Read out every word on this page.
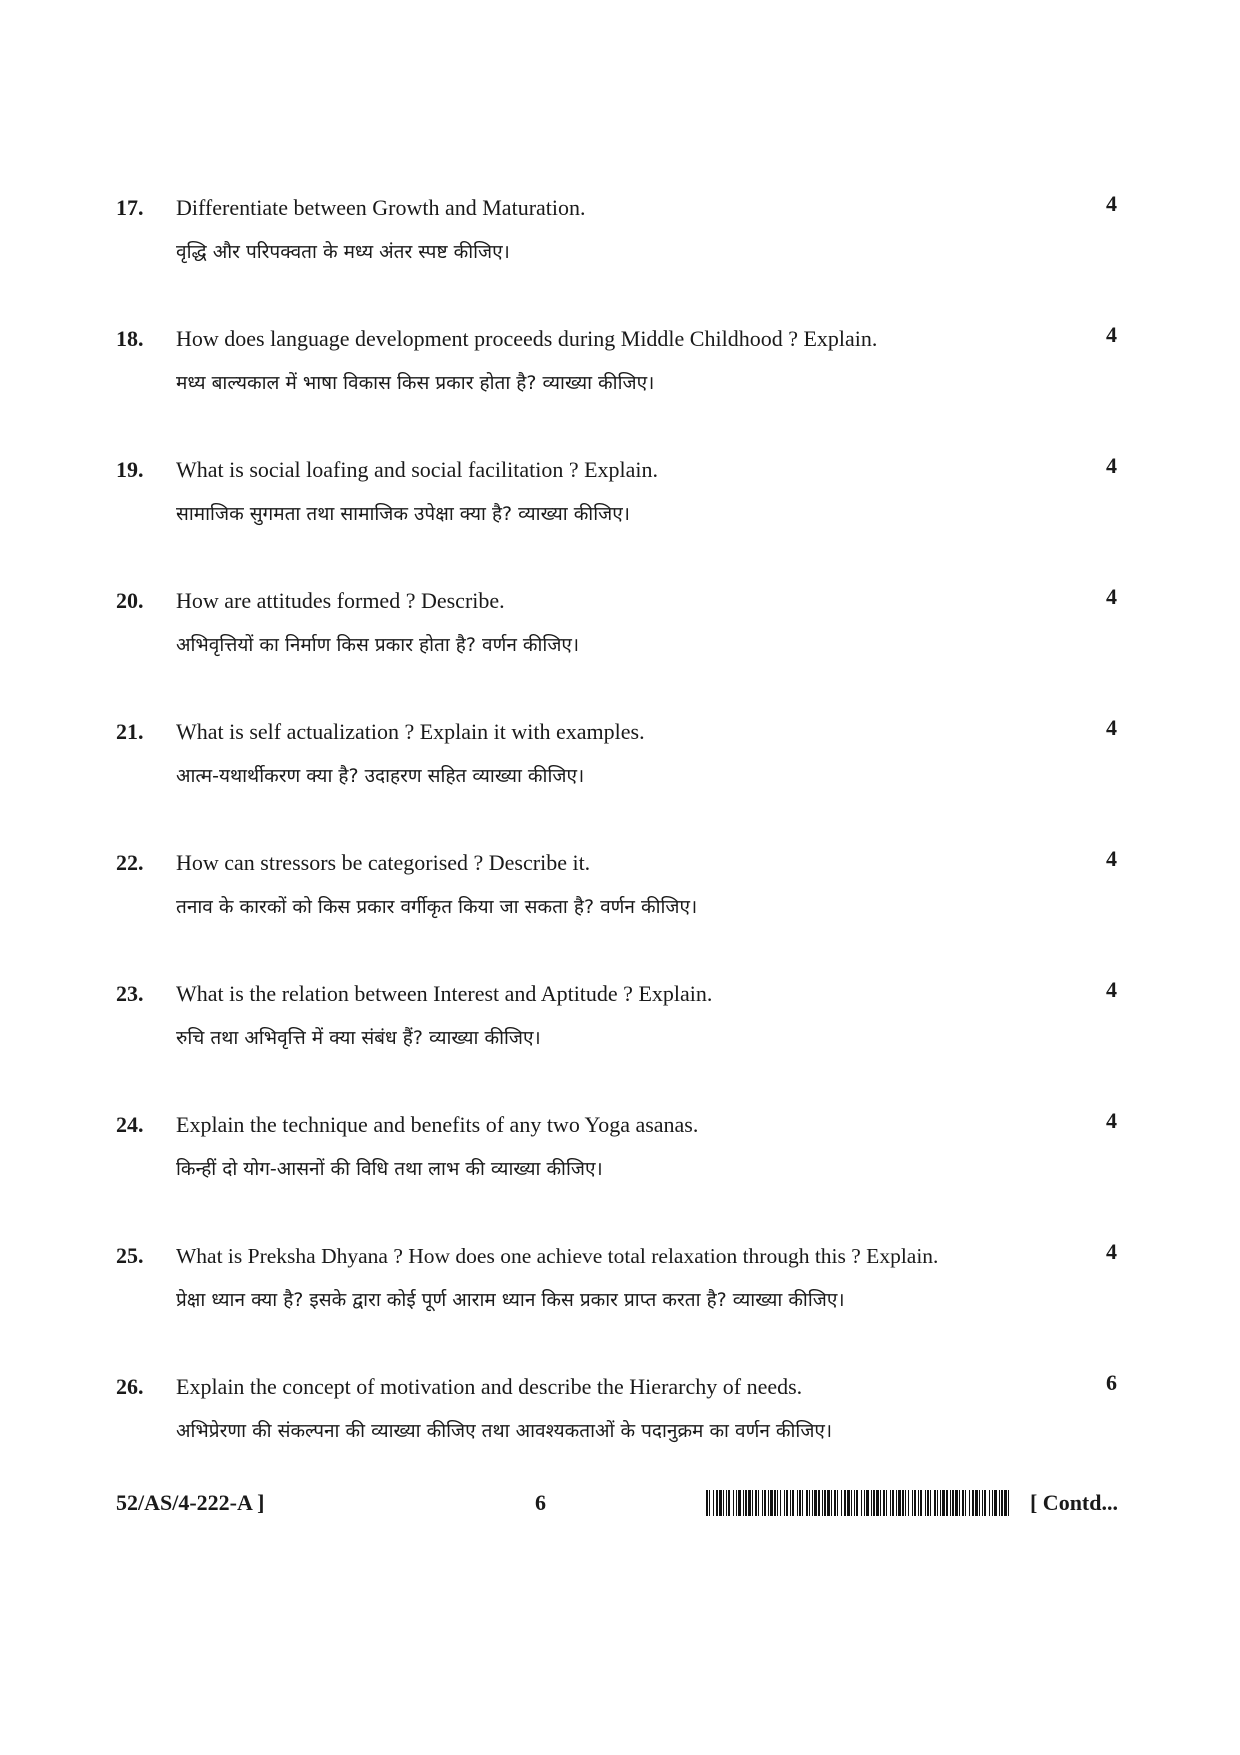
17. Differentiate between Growth and Maturation.
वृद्धि और परिपक्वता के मध्य अंतर स्पष्ट कीजिए।
4
18. How does language development proceeds during Middle Childhood ? Explain.
मध्य बाल्यकाल में भाषा विकास किस प्रकार होता है? व्याख्या कीजिए।
4
19. What is social loafing and social facilitation ? Explain.
सामाजिक सुगमता तथा सामाजिक उपेक्षा क्या है? व्याख्या कीजिए।
4
20. How are attitudes formed ? Describe.
अभिवृत्तियों का निर्माण किस प्रकार होता है? वर्णन कीजिए।
4
21. What is self actualization ? Explain it with examples.
आत्म-यथार्थीकरण क्या है? उदाहरण सहित व्याख्या कीजिए।
4
22. How can stressors be categorised ? Describe it.
तनाव के कारकों को किस प्रकार वर्गीकृत किया जा सकता है? वर्णन कीजिए।
4
23. What is the relation between Interest and Aptitude ? Explain.
रुचि तथा अभिवृत्ति में क्या संबंध हैं? व्याख्या कीजिए।
4
24. Explain the technique and benefits of any two Yoga asanas.
किन्हीं दो योग-आसनों की विधि तथा लाभ की व्याख्या कीजिए।
4
25. What is Preksha Dhyana ? How does one achieve total relaxation through this ? Explain.
प्रेक्षा ध्यान क्या है? इसके द्वारा कोई पूर्ण आराम ध्यान किस प्रकार प्राप्त करता है? व्याख्या कीजिए।
4
26. Explain the concept of motivation and describe the Hierarchy of needs.
अभिप्रेरणा की संकल्पना की व्याख्या कीजिए तथा आवश्यकताओं के पदानुक्रम का वर्णन कीजिए।
6
52/AS/4-222-A ]	6	[ Contd...
